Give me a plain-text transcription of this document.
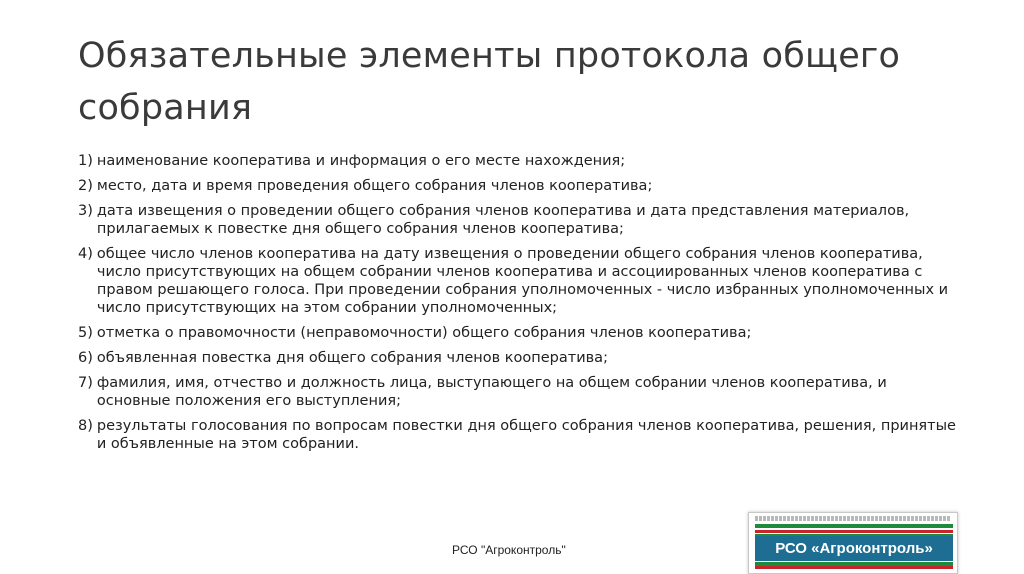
Обязательные элементы протокола общего собрания
1) наименование кооператива и информация о его месте нахождения;
2) место, дата и время проведения общего собрания членов кооператива;
3) дата извещения о проведении общего собрания членов кооператива и дата представления материалов, прилагаемых к повестке дня общего собрания членов кооператива;
4) общее число членов кооператива на дату извещения о проведении общего собрания членов кооператива, число присутствующих на общем собрании членов кооператива и ассоциированных членов кооператива с правом решающего голоса. При проведении собрания уполномоченных - число избранных уполномоченных и число присутствующих на этом собрании уполномоченных;
5) отметка о правомочности (неправомочности) общего собрания членов кооператива;
6) объявленная повестка дня общего собрания членов кооператива;
7) фамилия, имя, отчество и должность лица, выступающего на общем собрании членов кооператива, и основные положения его выступления;
8) результаты голосования по вопросам повестки дня общего собрания членов кооператива, решения, принятые и объявленные на этом собрании.
РСО "Агроконтроль"	РСО «Агроконтроль»
